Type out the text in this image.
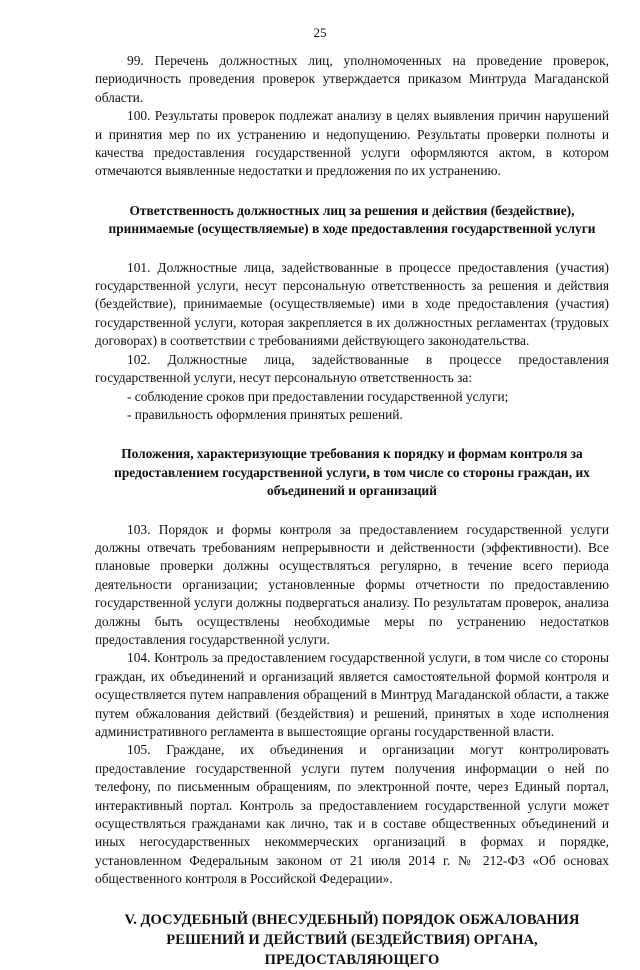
25

99. Перечень должностных лиц, уполномоченных на проведение проверок, периодичность проведения проверок утверждается приказом Минтруда Магаданской области.

100. Результаты проверок подлежат анализу в целях выявления причин нарушений и принятия мер по их устранению и недопущению. Результаты проверки полноты и качества предоставления государственной услуги оформляются актом, в котором отмечаются выявленные недостатки и предложения по их устранению.

Ответственность должностных лиц за решения и действия (бездействие), принимаемые (осуществляемые) в ходе предоставления государственной услуги

101. Должностные лица, задействованные в процессе предоставления (участия) государственной услуги, несут персональную ответственность за решения и действия (бездействие), принимаемые (осуществляемые) ими в ходе предоставления (участия) государственной услуги, которая закрепляется в их должностных регламентах (трудовых договорах) в соответствии с требованиями действующего законодательства.

102. Должностные лица, задействованные в процессе предоставления государственной услуги, несут персональную ответственность за:

- соблюдение сроков при предоставлении государственной услуги;

- правильность оформления принятых решений.

Положения, характеризующие требования к порядку и формам контроля за предоставлением государственной услуги, в том числе со стороны граждан, их объединений и организаций

103. Порядок и формы контроля за предоставлением государственной услуги должны отвечать требованиям непрерывности и действенности (эффективности). Все плановые проверки должны осуществляться регулярно, в течение всего периода деятельности организации; установленные формы отчетности по предоставлению государственной услуги должны подвергаться анализу. По результатам проверок, анализа должны быть осуществлены необходимые меры по устранению недостатков предоставления государственной услуги.

104. Контроль за предоставлением государственной услуги, в том числе со стороны граждан, их объединений и организаций является самостоятельной формой контроля и осуществляется путем направления обращений в Минтруд Магаданской области, а также путем обжалования действий (бездействия) и решений, принятых в ходе исполнения административного регламента в вышестоящие органы государственной власти.

105. Граждане, их объединения и организации могут контролировать предоставление государственной услуги путем получения информации о ней по телефону, по письменным обращениям, по электронной почте, через Единый портал, интерактивный портал. Контроль за предоставлением государственной услуги может осуществляться гражданами как лично, так и в составе общественных объединений и иных негосударственных некоммерческих организаций в формах и порядке, установленном Федеральным законом от 21 июля 2014 г. № 212-ФЗ «Об основах общественного контроля в Российской Федерации».

V. ДОСУДЕБНЫЙ (ВНЕСУДЕБНЫЙ) ПОРЯДОК ОБЖАЛОВАНИЯ
РЕШЕНИЙ И ДЕЙСТВИЙ (БЕЗДЕЙСТВИЯ) ОРГАНА, ПРЕДОСТАВЛЯЮЩЕГО
